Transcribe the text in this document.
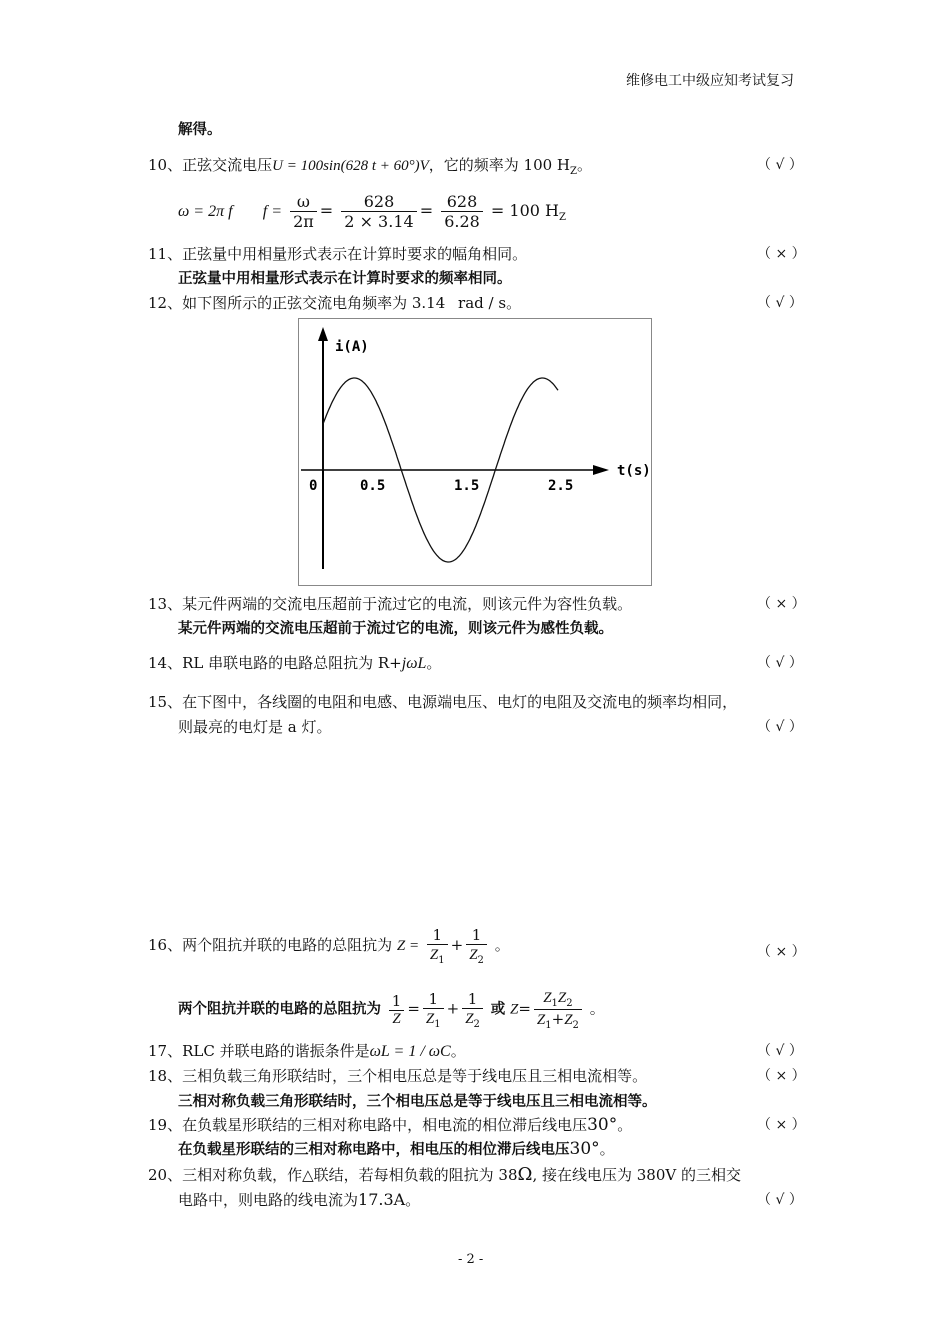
维修电工中级应知考试复习
解得。
10、正弦交流电压U = 100sin(628 t + 60°)V，它的频率为 100 $H_Z$。	（ √ ）
ω = 2π f $f = \frac{\omega}{2\pi} = \frac{628}{2 \times 3.14} = \frac{628}{6.28} = 100$ $H_Z$
11、正弦量中用相量形式表示在计算时要求的幅角相同。	（ × ）
正弦量中用相量形式表示在计算时要求的频率相同。
12、如下图所示的正弦交流电角频率为 3.14 rad / s。	（ √ ）
i(A)
t(s)
0	0.5	1.5	2.5
13、某元件两端的交流电压超前于流过它的电流，则该元件为容性负载。	（ × ）
某元件两端的交流电压超前于流过它的电流，则该元件为感性负载。
14、RL 串联电路的电路总阻抗为 R+jωL。	（ √ ）
15、在下图中，各线圈的电阻和电感、电源端电压、电灯的电阻及交流电的频率均相同，
则最亮的电灯是 a 灯。	（ √ ）
16、两个阻抗并联的电路的总阻抗为 $Z = \frac{1}{Z_1} + \frac{1}{Z_2}$ 。	（ × ）
两个阻抗并联的电路的总阻抗为 $\frac{1}{Z} = \frac{1}{Z_1} + \frac{1}{Z_2}$ 或 $Z= \frac{Z_1Z_2}{Z_1+Z_2}$ 。
17、RLC 并联电路的谐振条件是ωL = 1 / ωC。	（ √ ）
18、三相负载三角形联结时，三个相电压总是等于线电压且三相电流相等。	（ × ）
三相对称负载三角形联结时，三个相电压总是等于线电压且三相电流相等。
19、在负载星形联结的三相对称电路中，相电流的相位滞后线电压30°。	（ × ）
在负载星形联结的三相对称电路中，相电压的相位滞后线电压30°。
20、三相对称负载，作△联结，若每相负载的阻抗为 38Ω, 接在线电压为 380V 的三相交
电路中，则电路的线电流为17.3A。	（ √ ）
- 2 -
